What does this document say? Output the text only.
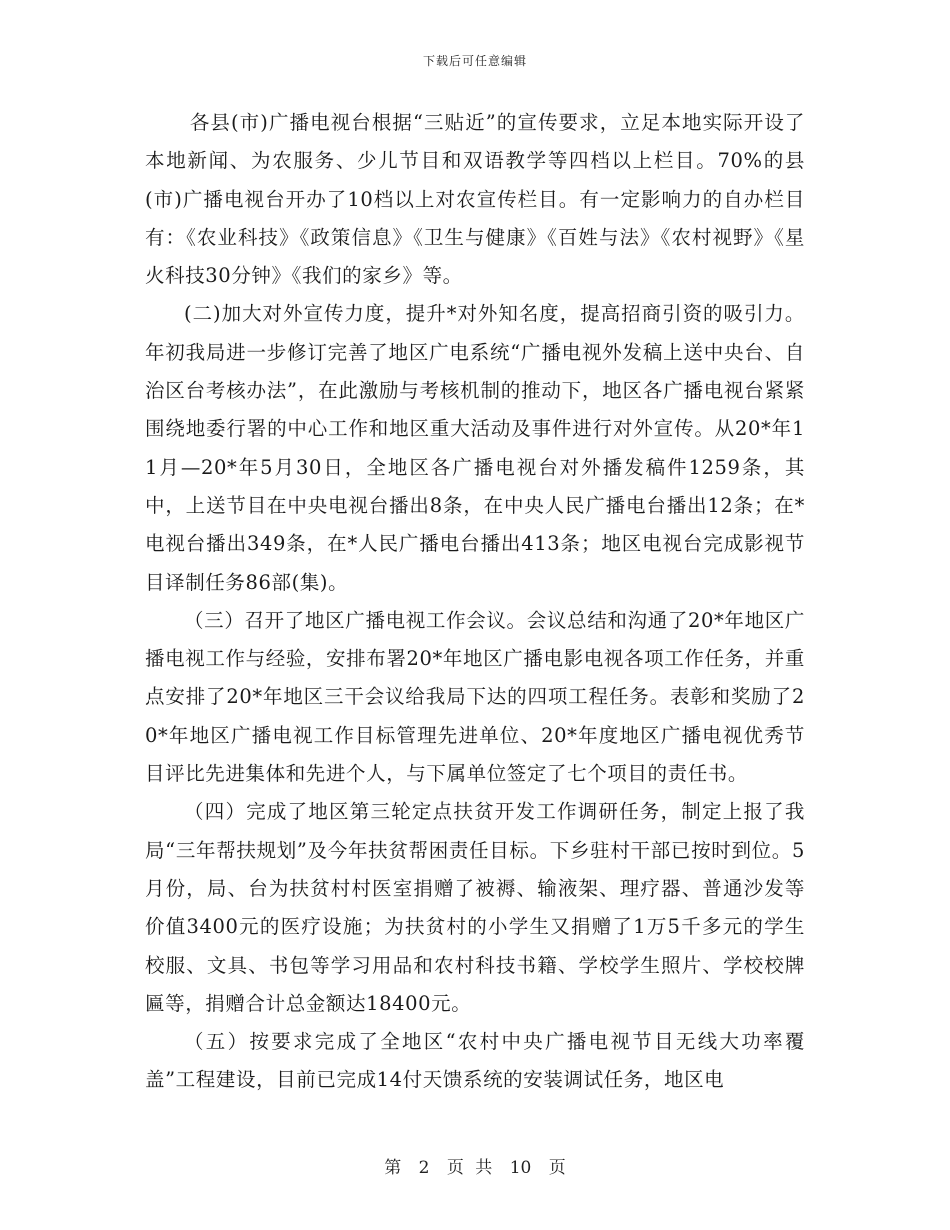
下载后可任意编辑

各县(市)广播电视台根据“三贴近”的宣传要求，立足本地实际开设了本地新闻、为农服务、少儿节目和双语教学等四档以上栏目。70%的县(市)广播电视台开办了10档以上对农宣传栏目。有一定影响力的自办栏目有：《农业科技》《政策信息》《卫生与健康》《百姓与法》《农村视野》《星火科技30分钟》《我们的家乡》等。

(二)加大对外宣传力度，提升*对外知名度，提高招商引资的吸引力。年初我局进一步修订完善了地区广电系统“广播电视外发稿上送中央台、自治区台考核办法”，在此激励与考核机制的推动下，地区各广播电视台紧紧围绕地委行署的中心工作和地区重大活动及事件进行对外宣传。从20*年11月—20*年5月30日，全地区各广播电视台对外播发稿件1259条，其中，上送节目在中央电视台播出8条，在中央人民广播电台播出12条；在*电视台播出349条，在*人民广播电台播出413条；地区电视台完成影视节目译制任务86部(集)。

（三）召开了地区广播电视工作会议。会议总结和沟通了20*年地区广播电视工作与经验，安排布署20*年地区广播电影电视各项工作任务，并重点安排了20*年地区三干会议给我局下达的四项工程任务。表彰和奖励了20*年地区广播电视工作目标管理先进单位、20*年度地区广播电视优秀节目评比先进集体和先进个人，与下属单位签定了七个项目的责任书。

（四）完成了地区第三轮定点扶贫开发工作调研任务，制定上报了我局“三年帮扶规划”及今年扶贫帮困责任目标。下乡驻村干部已按时到位。5月份，局、台为扶贫村村医室捐赠了被褥、输液架、理疗器、普通沙发等价值3400元的医疗设施；为扶贫村的小学生又捐赠了1万5千多元的学生校服、文具、书包等学习用品和农村科技书籍、学校学生照片、学校校牌匾等，捐赠合计总金额达18400元。

（五）按要求完成了全地区“农村中央广播电视节目无线大功率覆盖”工程建设，目前已完成14付天馈系统的安装调试任务，地区电

第 2 页 共 10 页
